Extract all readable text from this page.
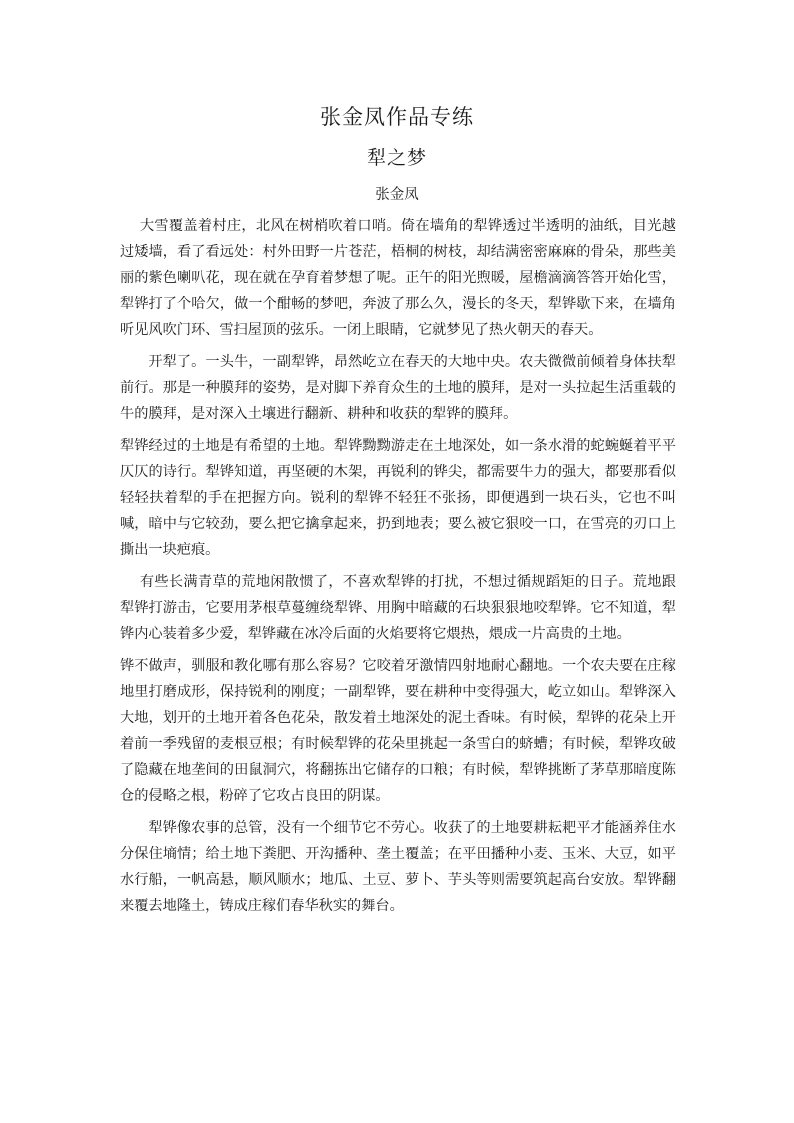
张金凤作品专练
犁之梦
张金凤

大雪覆盖着村庄，北风在树梢吹着口哨。倚在墙角的犁铧透过半透明的油纸，目光越过矮墙，看了看远处：村外田野一片苍茫，梧桐的树枝，却结满密密麻麻的骨朵，那些美丽的紫色喇叭花，现在就在孕育着梦想了呢。正午的阳光煦暖，屋檐滴滴答答开始化雪，犁铧打了个哈欠，做一个酣畅的梦吧，奔波了那么久，漫长的冬天，犁铧歇下来，在墙角听见风吹门环、雪扫屋顶的弦乐。一闭上眼睛，它就梦见了热火朝天的春天。

开犁了。一头牛，一副犁铧，昂然屹立在春天的大地中央。农夫微微前倾着身体扶犁前行。那是一种膜拜的姿势，是对脚下养育众生的土地的膜拜，是对一头拉起生活重载的牛的膜拜，是对深入土壤进行翻新、耕种和收获的犁铧的膜拜。

犁铧经过的土地是有希望的土地。犁铧黝黝游走在土地深处，如一条水滑的蛇蜿蜒着平平仄仄的诗行。犁铧知道，再坚硬的木架，再锐利的铧尖，都需要牛力的强大，都要那看似轻轻扶着犁的手在把握方向。锐利的犁铧不轻狂不张扬，即便遇到一块石头，它也不叫喊，暗中与它较劲，要么把它擒拿起来，扔到地表；要么被它狠咬一口，在雪亮的刃口上撕出一块疤痕。

有些长满青草的荒地闲散惯了，不喜欢犁铧的打扰，不想过循规蹈矩的日子。荒地跟犁铧打游击，它要用茅根草蔓缠绕犁铧、用胸中暗藏的石块狠狠地咬犁铧。它不知道，犁铧内心装着多少爱，犁铧藏在冰冷后面的火焰要将它煨热，煨成一片高贵的土地。

铧不做声，驯服和教化哪有那么容易？它咬着牙激情四射地耐心翻地。一个农夫要在庄稼地里打磨成形，保持锐利的刚度；一副犁铧，要在耕种中变得强大，屹立如山。犁铧深入大地，划开的土地开着各色花朵，散发着土地深处的泥土香味。有时候，犁铧的花朵上开着前一季残留的麦根豆根；有时候犁铧的花朵里挑起一条雪白的蛴螬；有时候，犁铧攻破了隐藏在地垄间的田鼠洞穴，将翻拣出它储存的口粮；有时候，犁铧挑断了茅草那暗度陈仓的侵略之根，粉碎了它攻占良田的阴谋。

犁铧像农事的总管，没有一个细节它不劳心。收获了的土地要耕耘耙平才能涵养住水分保住墒情；给土地下粪肥、开沟播种、垄土覆盖；在平田播种小麦、玉米、大豆，如平水行船，一帆高悬，顺风顺水；地瓜、土豆、萝卜、芋头等则需要筑起高台安放。犁铧翻来覆去地隆土，铸成庄稼们春华秋实的舞台。
